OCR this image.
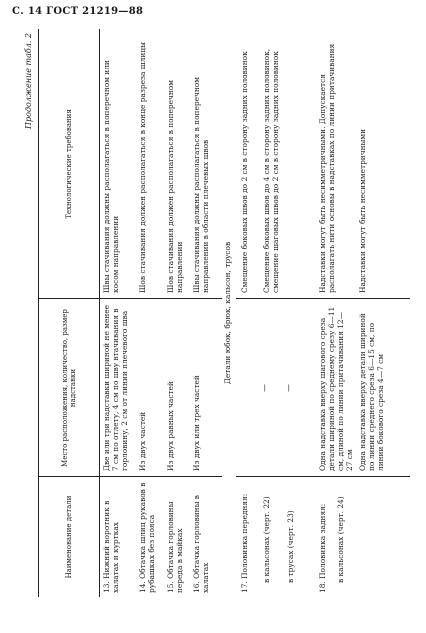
С. 14 ГОСТ 21219—88
Продолжение табл. 2
Наименование детали
Место расположения, количество, размер надставки
Технологические требования
13. Нижний воротник в халатах и куртках
Две или три надставки шириной не менее 7 см по отлету, 4 см по шву втачивания в горловину, 2 см от линии плечевого шва
Швы стачивания должны располагаться в поперечном или косом направлении
14. Обтачка шлиц рукавов в рубашках без пояса
Из двух частей
Шов стачивания должен располагаться в конце разреза шлицы
15. Обтачка горловины переда в майках
Из двух равных частей
Шов стачивания должен располагаться в поперечном направлении
16. Обтачка горловины в халатах
Из двух или трех частей
Швы стачивания должны располагаться в поперечном направлении в области плечевых швов
Детали юбок, брюк, кальсон, трусов
17. Половинка передняя: в кальсонах (черт. 22) в трусах (черт. 23)
— —
Смещение боковых швов до 2 см в сторону задних половинок Смещение боковых швов до 4 см в сторону задних половинок, смещение шаговых швов до 2 см в сторону задних половинок
18. Половинка задняя: в кальсонах (черт. 24)
Одна надставка вверху шагового среза детали шириной по среднему срезу 6—11 см, длиной по линии притачивания 12—27 см Одна надставка вверху детали шириной по линии среднего среза 6—15 см, по линии бокового среза 4—7 см
Надставки могут быть несимметричными. Допускается располагать нити основы в надставках по линии притачивания	Надставки могут быть несимметричными
